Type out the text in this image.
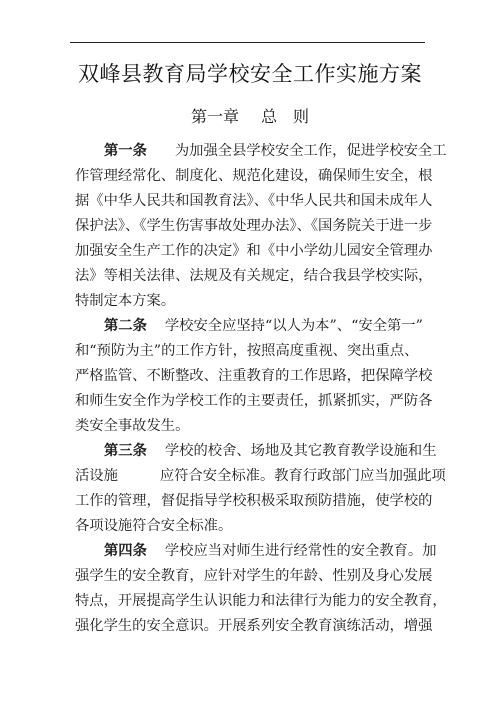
双峰县教育局学校安全工作实施方案
第一章 总　则
第一条 为加强全县学校安全工作，促进学校安全工
作管理经常化、制度化、规范化建设，确保师生安全，根
据《中华人民共和国教育法》、《中华人民共和国未成年人
保护法》、《学生伤害事故处理办法》、《国务院关于进一步
加强安全生产工作的决定》和《中小学幼儿园安全管理办
法》等相关法律、法规及有关规定，结合我县学校实际，
特制定本方案。
第二条 学校安全应坚持“以人为本”、“安全第一”
和“预防为主”的工作方针，按照高度重视、突出重点、
严格监管、不断整改、注重教育的工作思路，把保障学校
和师生安全作为学校工作的主要责任，抓紧抓实，严防各
类安全事故发生。
第三条 学校的校舍、场地及其它教育教学设施和生
活设施	应符合安全标准。教育行政部门应当加强此项
工作的管理，督促指导学校积极采取预防措施，使学校的
各项设施符合安全标准。
第四条 学校应当对师生进行经常性的安全教育。加
强学生的安全教育，应针对学生的年龄、性别及身心发展
特点，开展提高学生认识能力和法律行为能力的安全教育，
强化学生的安全意识。开展系列安全教育演练活动，增强
